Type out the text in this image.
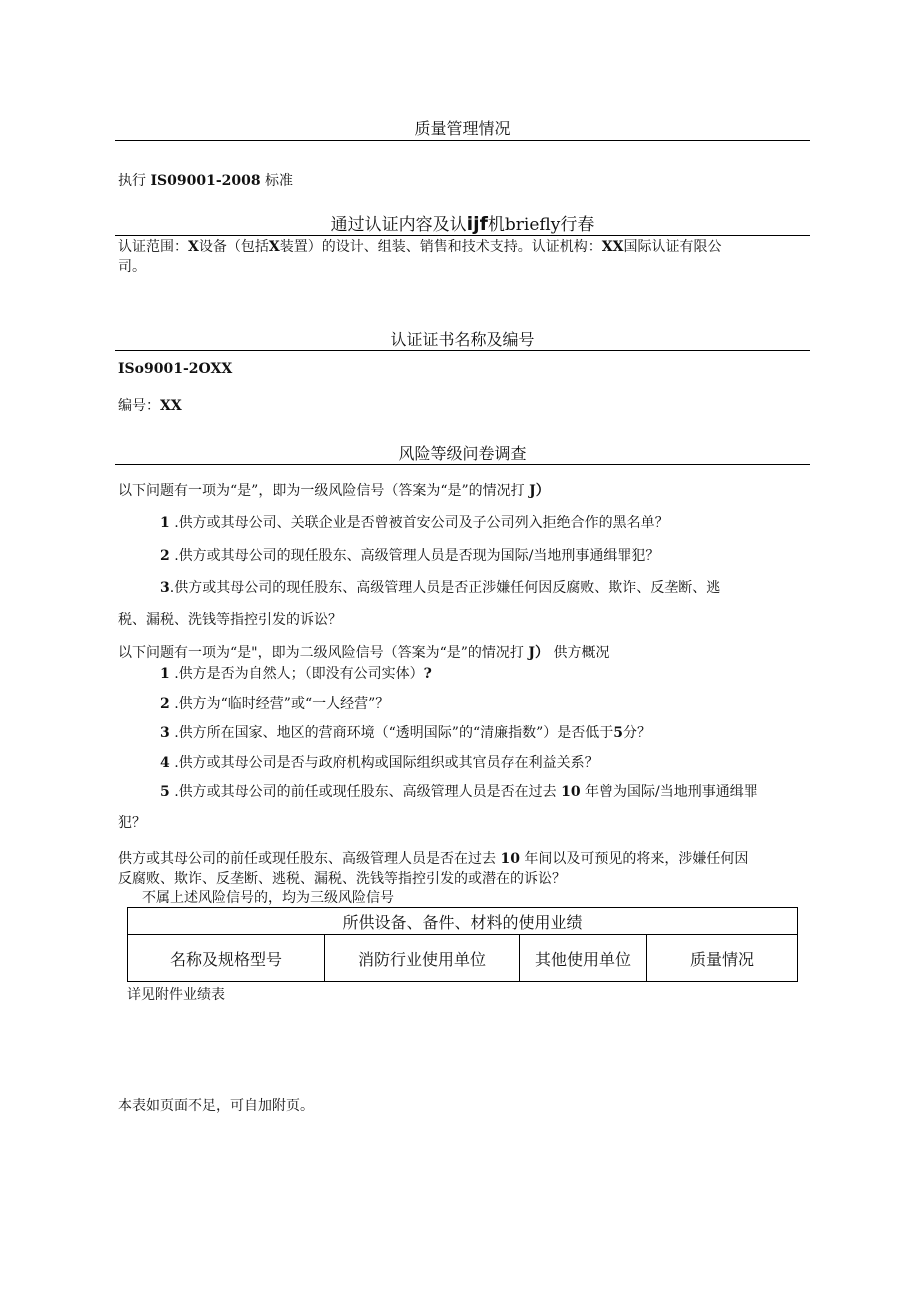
质量管理情况
执行 IS09001-2008 标准
通过认证内容及认ijf机briefly行春
认证范围：X设备（包括X装置）的设计、组装、销售和技术支持。认证机构：XX国际认证有限公
司。
认证证书名称及编号
ISo9001-2OXX
编号：XX
风险等级问卷调查
以下问题有一项为“是”，即为一级风险信号（答案为“是”的情况打 J）
1 .供方或其母公司、关联企业是否曾被首安公司及子公司列入拒绝合作的黑名单？
2 .供方或其母公司的现任股东、高级管理人员是否现为国际/当地刑事通缉罪犯？
3.供方或其母公司的现任股东、高级管理人员是否正涉嫌任何因反腐败、欺诈、反垄断、逃
税、漏税、洗钱等指控引发的诉讼？
以下问题有一项为“是"，即为二级风险信号（答案为“是”的情况打 J） 供方概况
1 .供方是否为自然人；（即没有公司实体）?
2 .供方为“临时经营”或“一人经营”？
3 .供方所在国家、地区的营商环境（“透明国际”的“清廉指数”）是否低于5分？
4 .供方或其母公司是否与政府机构或国际组织或其官员存在利益关系？
5 .供方或其母公司的前任或现任股东、高级管理人员是否在过去 10 年曾为国际/当地刑事通缉罪
犯？
供方或其母公司的前任或现任股东、高级管理人员是否在过去 10 年间以及可预见的将来，涉嫌任何因
反腐败、欺诈、反垄断、逃税、漏税、洗钱等指控引发的或潜在的诉讼？
不属上述风险信号的，均为三级风险信号
所供设备、备件、材料的使用业绩
名称及规格型号	消防行业使用单位	其他使用单位	质量情况
详见附件业绩表
本表如页面不足，可自加附页。
